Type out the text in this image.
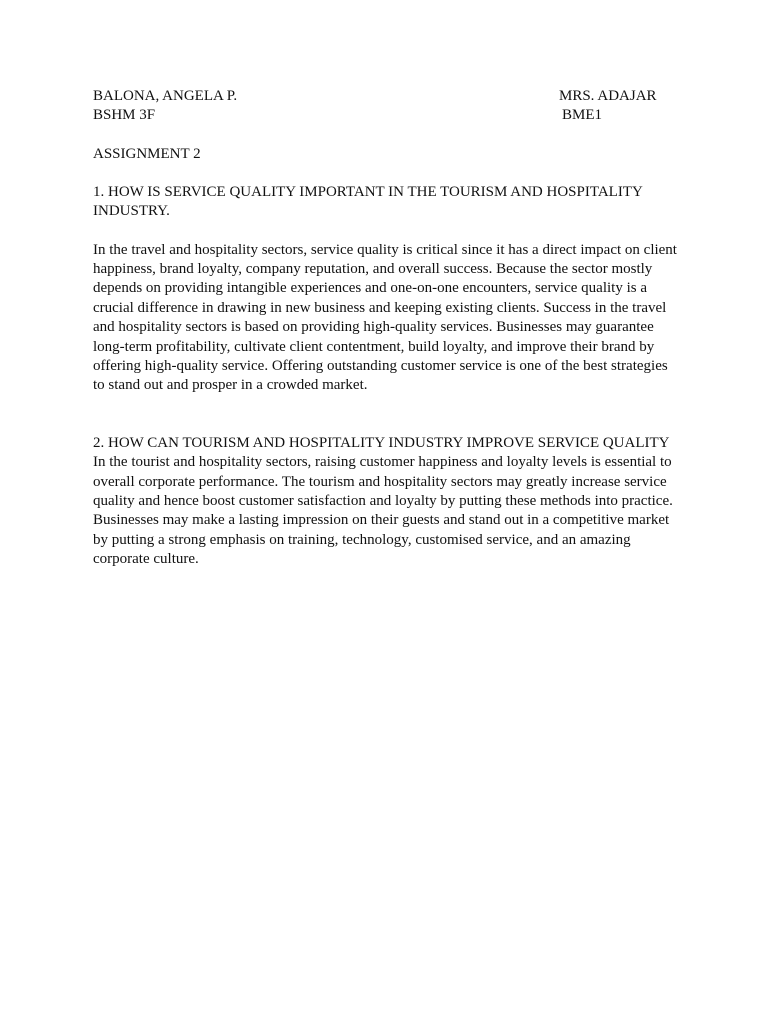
BALONA, ANGELA P.	MRS. ADAJAR
BSHM 3F	BME1

ASSIGNMENT 2

1. HOW IS SERVICE QUALITY IMPORTANT IN THE TOURISM AND HOSPITALITY INDUSTRY.

In the travel and hospitality sectors, service quality is critical since it has a direct impact on client happiness, brand loyalty, company reputation, and overall success. Because the sector mostly depends on providing intangible experiences and one-on-one encounters, service quality is a crucial difference in drawing in new business and keeping existing clients. Success in the travel and hospitality sectors is based on providing high-quality services. Businesses may guarantee long-term profitability, cultivate client contentment, build loyalty, and improve their brand by offering high-quality service. Offering outstanding customer service is one of the best strategies to stand out and prosper in a crowded market.

2. HOW CAN TOURISM AND HOSPITALITY INDUSTRY IMPROVE SERVICE QUALITY

In the tourist and hospitality sectors, raising customer happiness and loyalty levels is essential to overall corporate performance. The tourism and hospitality sectors may greatly increase service quality and hence boost customer satisfaction and loyalty by putting these methods into practice. Businesses may make a lasting impression on their guests and stand out in a competitive market by putting a strong emphasis on training, technology, customised service, and an amazing corporate culture.
